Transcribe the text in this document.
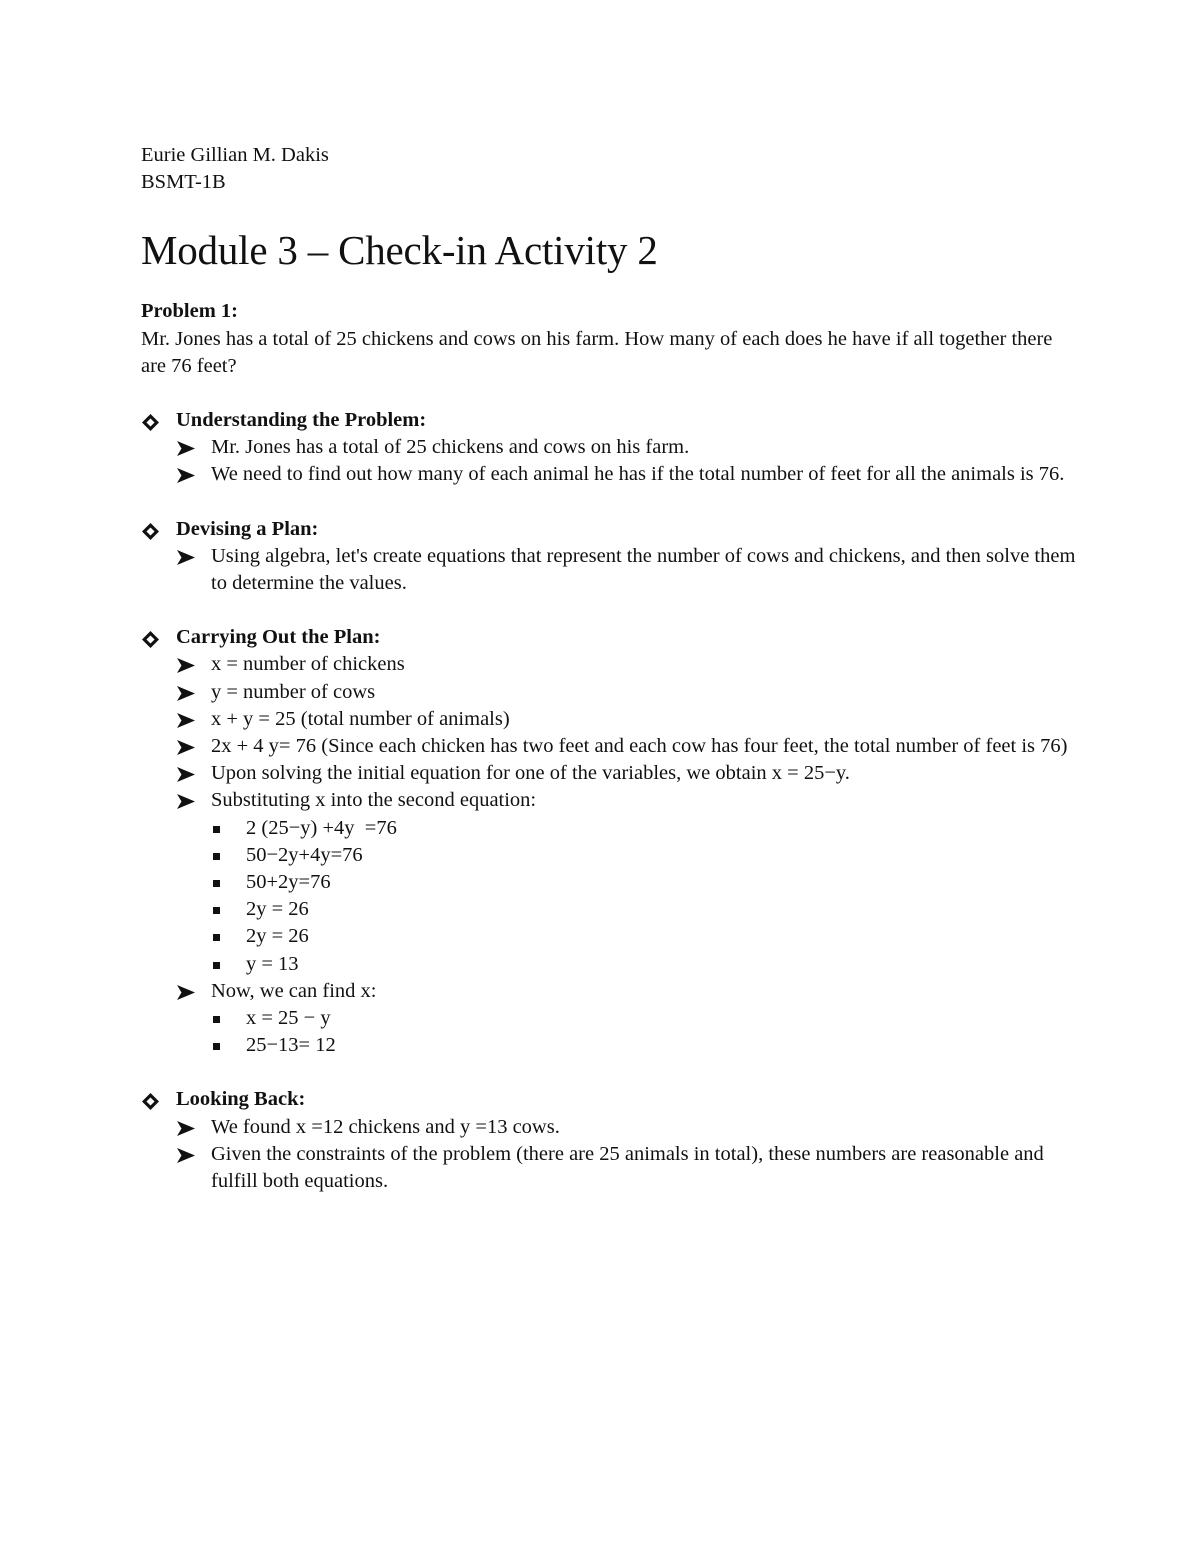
Eurie Gillian M. Dakis

BSMT-1B

Module 3 – Check-in Activity 2

Problem 1:

Mr. Jones has a total of 25 chickens and cows on his farm. How many of each does he have if all together there are 76 feet?

Understanding the Problem:
Mr. Jones has a total of 25 chickens and cows on his farm.
We need to find out how many of each animal he has if the total number of feet for all the animals is 76.
Devising a Plan:
Using algebra, let's create equations that represent the number of cows and chickens, and then solve them to determine the values.
Carrying Out the Plan:
x = number of chickens
y = number of cows
x + y = 25 (total number of animals)
2x + 4 y= 76 (Since each chicken has two feet and each cow has four feet, the total number of feet is 76)
Upon solving the initial equation for one of the variables, we obtain x = 25−y.
Substituting x into the second equation:
2 (25−y) +4y  =76
50−2y+4y=76
50+2y=76
2y = 26
2y = 26
y = 13
Now, we can find x:
x = 25 − y
25−13= 12
Looking Back:
We found x =12 chickens and y =13 cows.
Given the constraints of the problem (there are 25 animals in total), these numbers are reasonable and fulfill both equations.
